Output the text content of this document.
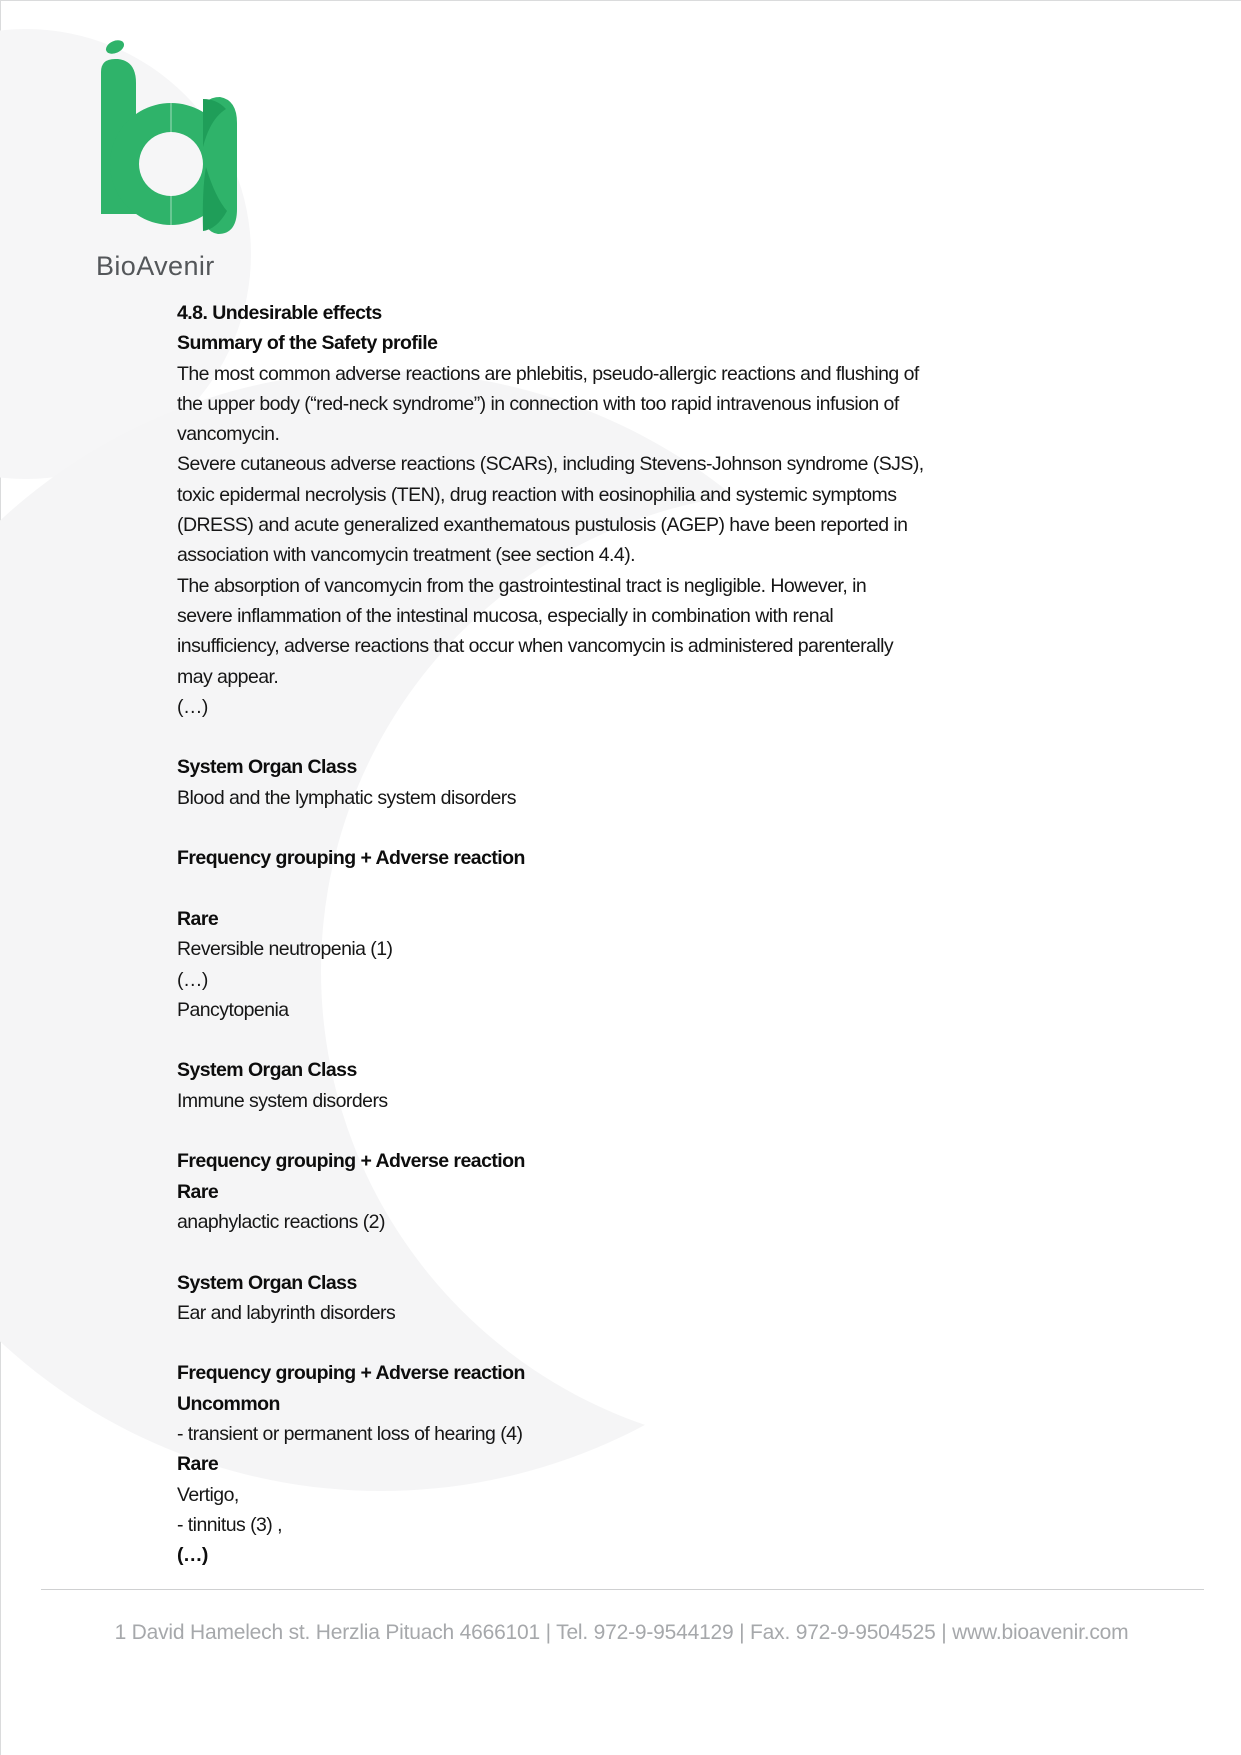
BioAvenir
4.8. Undesirable effects
Summary of the Safety profile
The most common adverse reactions are phlebitis, pseudo-allergic reactions and flushing of
the upper body (“red-neck syndrome”) in connection with too rapid intravenous infusion of
vancomycin.
Severe cutaneous adverse reactions (SCARs), including Stevens-Johnson syndrome (SJS),
toxic epidermal necrolysis (TEN), drug reaction with eosinophilia and systemic symptoms
(DRESS) and acute generalized exanthematous pustulosis (AGEP) have been reported in
association with vancomycin treatment (see section 4.4).
The absorption of vancomycin from the gastrointestinal tract is negligible. However, in
severe inflammation of the intestinal mucosa, especially in combination with renal
insufficiency, adverse reactions that occur when vancomycin is administered parenterally
may appear.
(…)
System Organ Class
Blood and the lymphatic system disorders
Frequency grouping + Adverse reaction
Rare
Reversible neutropenia (1)
(…)
Pancytopenia
System Organ Class
Immune system disorders
Frequency grouping + Adverse reaction
Rare
anaphylactic reactions (2)
System Organ Class
Ear and labyrinth disorders
Frequency grouping + Adverse reaction
Uncommon
- transient or permanent loss of hearing (4)
Rare
Vertigo,
- tinnitus (3) ,
(…)
1 David Hamelech st. Herzlia Pituach 4666101 | Tel. 972-9-9544129 | Fax. 972-9-9504525 | www.bioavenir.com
